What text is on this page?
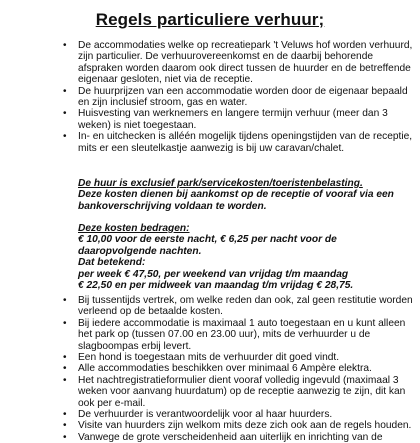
Regels particuliere verhuur;
• De accommodaties welke op recreatiepark 't Veluws hof worden verhuurd, zijn particulier. De verhuurovereenkomst en de daarbij behorende afspraken worden daarom ook direct tussen de huurder en de betreffende eigenaar gesloten, niet via de receptie.
• De huurprijzen van een accommodatie worden door de eigenaar bepaald en zijn inclusief stroom, gas en water.
• Huisvesting van werknemers en langere termijn verhuur (meer dan 3 weken) is niet toegestaan.
• In- en uitchecken is alléén mogelijk tijdens openingstijden van de receptie, mits er een sleutelkastje aanwezig is bij uw caravan/chalet.
De huur is exclusief park/servicekosten/toeristenbelasting.
Deze kosten dienen bij aankomst op de receptie of vooraf via een
bankoverschrijving voldaan te worden.
Deze kosten bedragen:
€ 10,00 voor de eerste nacht, € 6,25 per nacht voor de
daaropvolgende nachten.
Dat betekend:
per week € 47,50, per weekend van vrijdag t/m maandag
€ 22,50 en per midweek van maandag t/m vrijdag € 28,75.
• Bij tussentijds vertrek, om welke reden dan ook, zal geen restitutie worden verleend op de betaalde kosten.
• Bij iedere accommodatie is maximaal 1 auto toegestaan en u kunt alleen het park op (tussen 07.00 en 23.00 uur), mits de verhuurder u de slagboompas erbij levert.
• Een hond is toegestaan mits de verhuurder dit goed vindt.
• Alle accommodaties beschikken over minimaal 6 Ampère elektra.
• Het nachtregistratieformulier dient vooraf volledig ingevuld (maximaal 3 weken voor aanvang huurdatum) op de receptie aanwezig te zijn, dit kan ook per e-mail.
• De verhuurder is verantwoordelijk voor al haar huurders.
• Visite van huurders zijn welkom mits deze zich ook aan de regels houden.
• Vanwege de grote verscheidenheid aan uiterlijk en inrichting van de
